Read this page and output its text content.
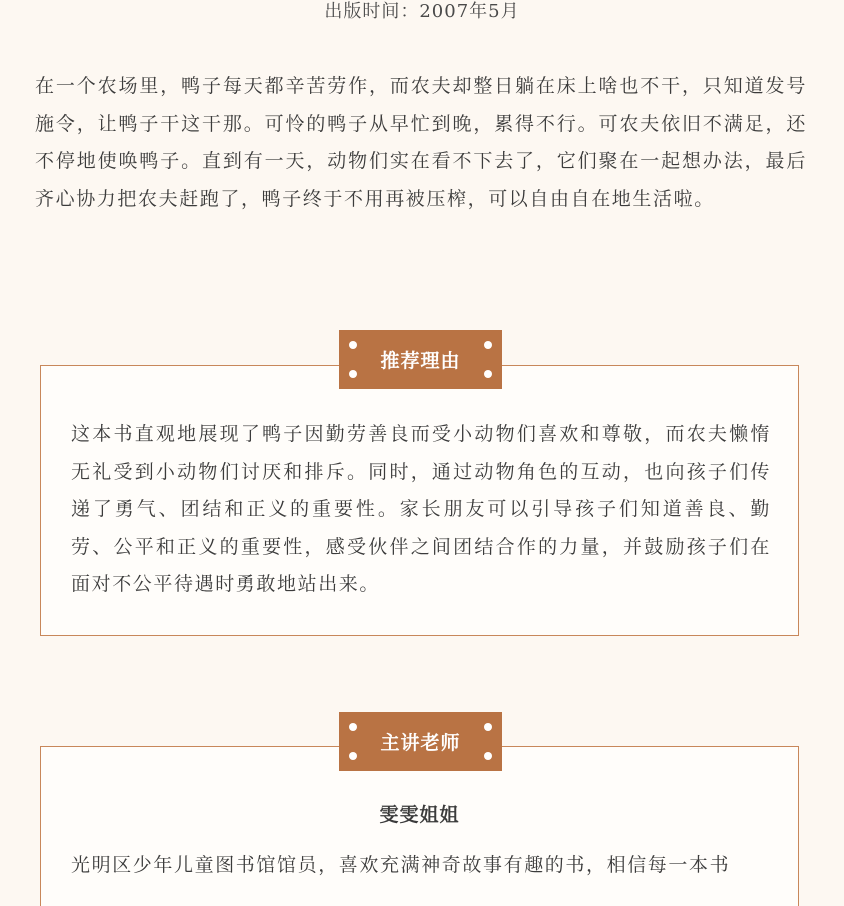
出版时间：2007年5月

在一个农场里，鸭子每天都辛苦劳作，而农夫却整日躺在床上啥也不干，只知道发号施令，让鸭子干这干那。可怜的鸭子从早忙到晚，累得不行。可农夫依旧不满足，还不停地使唤鸭子。直到有一天，动物们实在看不下去了，它们聚在一起想办法，最后齐心协力把农夫赶跑了，鸭子终于不用再被压榨，可以自由自在地生活啦。

推荐理由

这本书直观地展现了鸭子因勤劳善良而受小动物们喜欢和尊敬，而农夫懒惰无礼受到小动物们讨厌和排斥。同时，通过动物角色的互动，也向孩子们传递了勇气、团结和正义的重要性。家长朋友可以引导孩子们知道善良、勤劳、公平和正义的重要性，感受伙伴之间团结合作的力量，并鼓励孩子们在面对不公平待遇时勇敢地站出来。

主讲老师
雯雯姐姐

光明区少年儿童图书馆馆员，喜欢充满神奇故事有趣的书，相信每一本书
